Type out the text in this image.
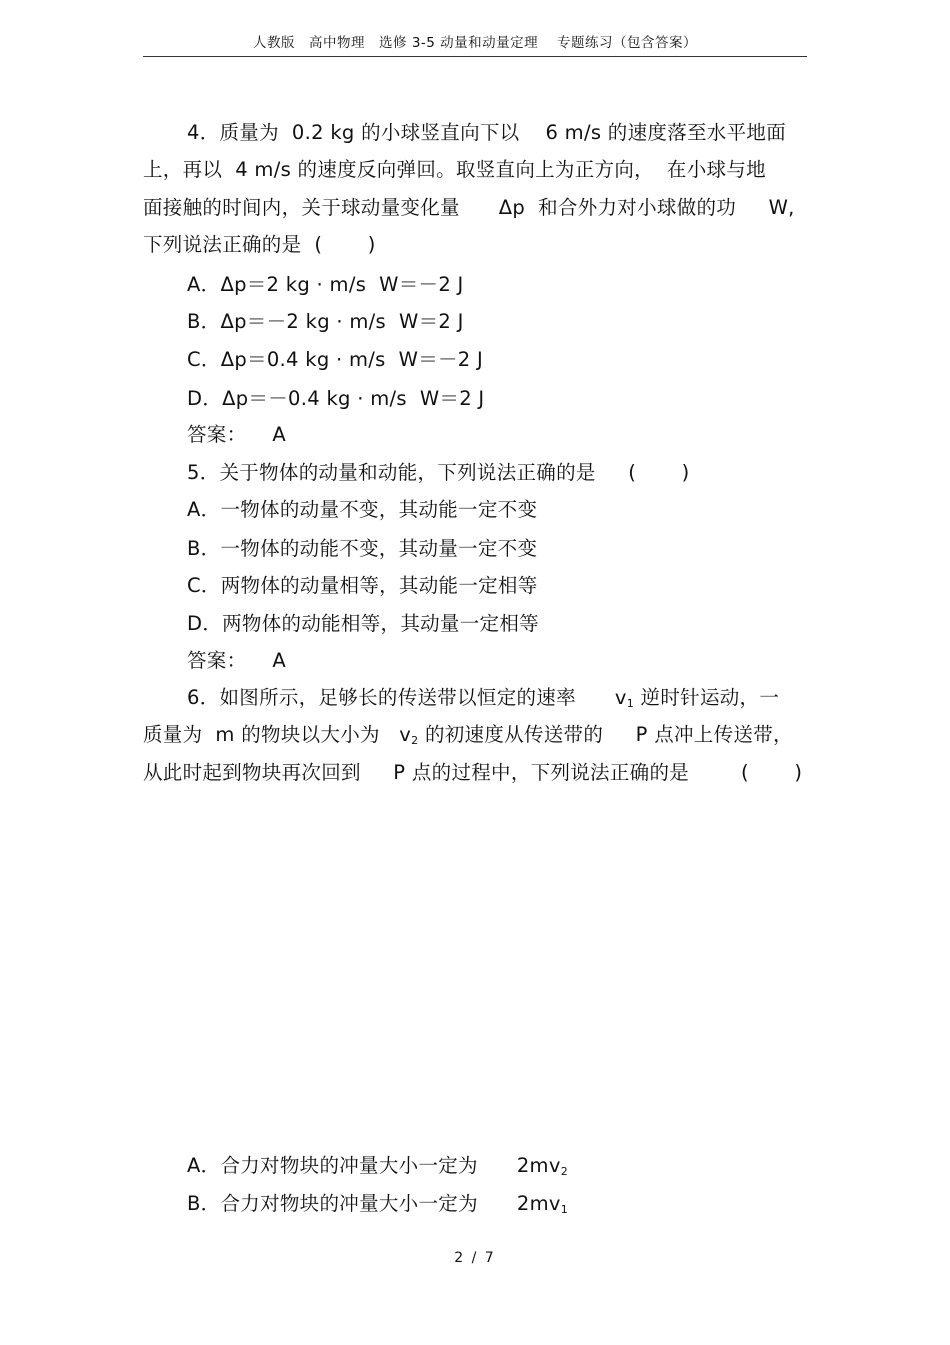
人教版　高中物理　选修 3-5 动量和动量定理　 专题练习（包含答案）
4．质量为  0.2 kg 的小球竖直向下以    6 m/s 的速度落至水平地面
上，再以  4 m/s 的速度反向弹回。取竖直向上为正方向，  在小球与地
面接触的时间内，关于球动量变化量      Δp  和合外力对小球做的功     W,
下列说法正确的是  (       )
A．Δp＝2 kg · m/s  W＝－2 J
B．Δp＝－2 kg · m/s  W＝2 J
C．Δp＝0.4 kg · m/s  W＝－2 J
D．Δp＝－0.4 kg · m/s  W＝2 J
答案：    A
5．关于物体的动量和动能，下列说法正确的是     (       )
A．一物体的动量不变，其动能一定不变
B．一物体的动能不变，其动量一定不变
C．两物体的动量相等，其动能一定相等
D．两物体的动能相等，其动量一定相等
答案：    A
6．如图所示，足够长的传送带以恒定的速率      $v_1$ 逆时针运动，一
质量为  m 的物块以大小为   $v_2$ 的初速度从传送带的     P 点冲上传送带，
从此时起到物块再次回到     P 点的过程中，下列说法正确的是        (       )
A．合力对物块的冲量大小一定为      $2mv_2$
B．合力对物块的冲量大小一定为      $2mv_1$
2 / 7
